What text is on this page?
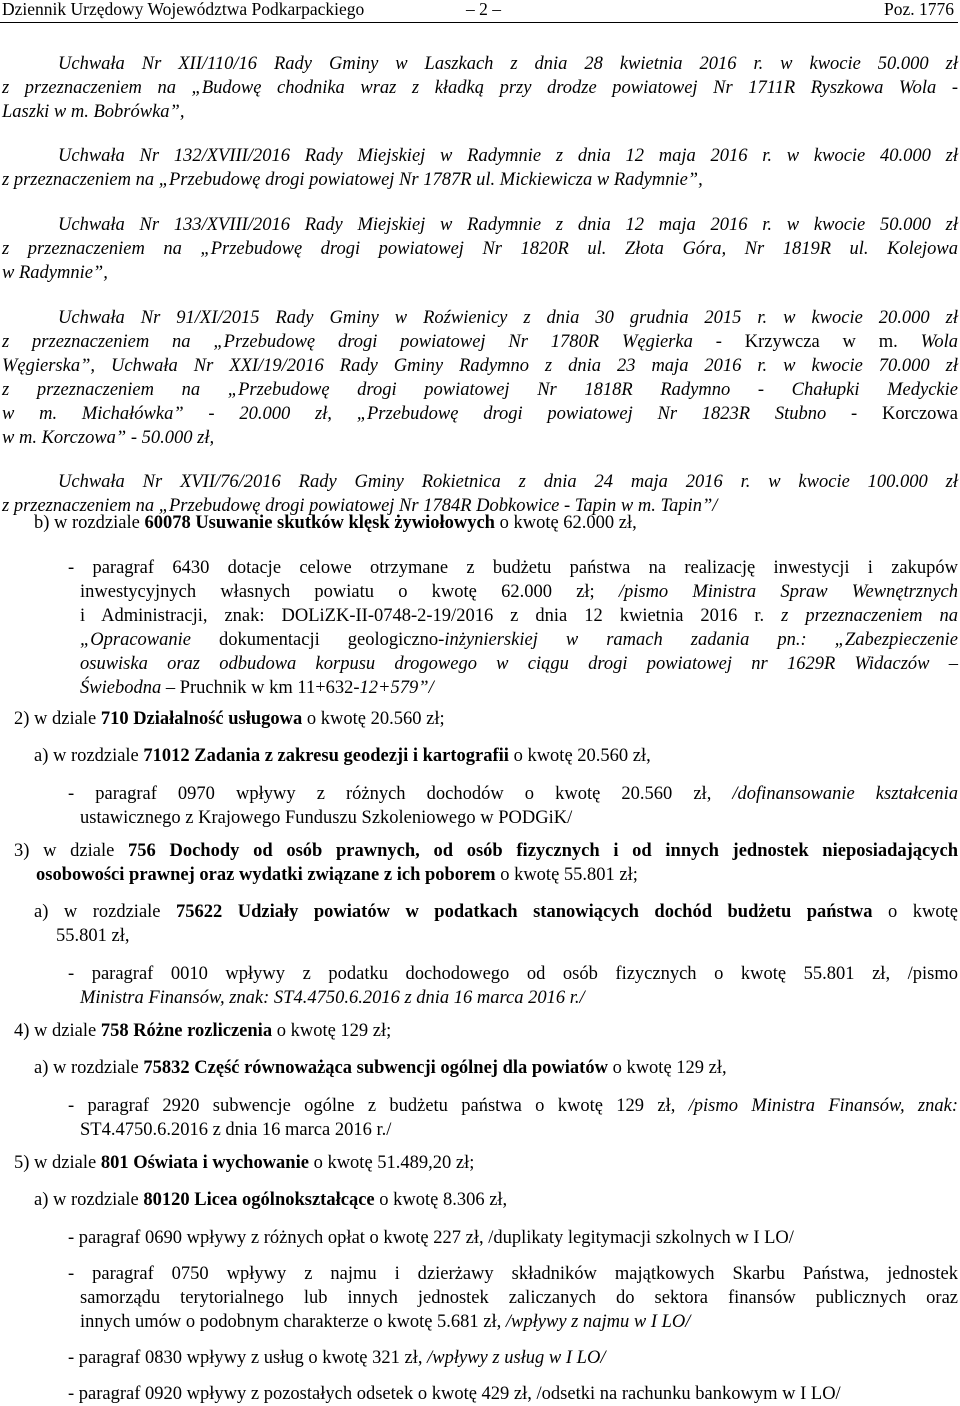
Dziennik Urzędowy Województwa Podkarpackiego	– 2 –	Poz. 1776
Uchwała Nr XII/110/16 Rady Gminy w Laszkach z dnia 28 kwietnia 2016 r. w kwocie 50.000 zł
z przeznaczeniem na „Budowę chodnika wraz z kładką przy drodze powiatowej Nr 1711R Ryszkowa Wola -
Laszki w m. Bobrówka”,
Uchwała Nr 132/XVIII/2016 Rady Miejskiej w Radymnie z dnia 12 maja 2016 r. w kwocie 40.000 zł
z przeznaczeniem na „Przebudowę drogi powiatowej Nr 1787R ul. Mickiewicza w Radymnie”,
Uchwała Nr 133/XVIII/2016 Rady Miejskiej w Radymnie z dnia 12 maja 2016 r. w kwocie 50.000 zł
z przeznaczeniem na „Przebudowę drogi powiatowej Nr 1820R ul. Złota Góra, Nr 1819R ul. Kolejowa
w Radymnie”,
Uchwała Nr 91/XI/2015 Rady Gminy w Roźwienicy z dnia 30 grudnia 2015 r. w kwocie 20.000 zł
z przeznaczeniem na „Przebudowę drogi powiatowej Nr 1780R Węgierka - Krzywcza w m. Wola
Węgierska”, Uchwała Nr XXI/19/2016 Rady Gminy Radymno z dnia 23 maja 2016 r. w kwocie 70.000 zł
z przeznaczeniem na „Przebudowę drogi powiatowej Nr 1818R Radymno - Chałupki Medyckie
w m. Michałówka” - 20.000 zł, „Przebudowę drogi powiatowej Nr 1823R Stubno - Korczowa
w m. Korczowa” - 50.000 zł,
Uchwała Nr XVII/76/2016 Rady Gminy Rokietnica z dnia 24 maja 2016 r. w kwocie 100.000 zł
z przeznaczeniem na „Przebudowę drogi powiatowej Nr 1784R Dobkowice - Tapin w m. Tapin”/
b) w rozdziale 60078 Usuwanie skutków klęsk żywiołowych o kwotę 62.000 zł,
- paragraf 6430 dotacje celowe otrzymane z budżetu państwa na realizację inwestycji i zakupów
inwestycyjnych własnych powiatu o kwotę 62.000 zł; /pismo Ministra Spraw Wewnętrznych
i Administracji, znak: DOLiZK-II-0748-2-19/2016 z dnia 12 kwietnia 2016 r. z przeznaczeniem na
„Opracowanie dokumentacji geologiczno-inżynierskiej w ramach zadania pn.: „Zabezpieczenie
osuwiska oraz odbudowa korpusu drogowego w ciągu drogi powiatowej nr 1629R Widaczów –
Świebodna – Pruchnik w km 11+632-12+579”/
2) w dziale 710 Działalność usługowa o kwotę 20.560 zł;
a) w rozdziale 71012 Zadania z zakresu geodezji i kartografii o kwotę 20.560 zł,
- paragraf 0970 wpływy z różnych dochodów o kwotę 20.560 zł, /dofinansowanie kształcenia
ustawicznego z Krajowego Funduszu Szkoleniowego w PODGiK/
3) w dziale 756 Dochody od osób prawnych, od osób fizycznych i od innych jednostek nieposiadających
osobowości prawnej oraz wydatki związane z ich poborem o kwotę 55.801 zł;
a) w rozdziale 75622 Udziały powiatów w podatkach stanowiących dochód budżetu państwa o kwotę
55.801 zł,
- paragraf 0010 wpływy z podatku dochodowego od osób fizycznych o kwotę 55.801 zł, /pismo
Ministra Finansów, znak: ST4.4750.6.2016 z dnia 16 marca 2016 r./
4) w dziale 758 Różne rozliczenia o kwotę 129 zł;
a) w rozdziale 75832 Część równoważąca subwencji ogólnej dla powiatów o kwotę 129 zł,
- paragraf 2920 subwencje ogólne z budżetu państwa o kwotę 129 zł, /pismo Ministra Finansów, znak:
ST4.4750.6.2016 z dnia 16 marca 2016 r./
5) w dziale 801 Oświata i wychowanie o kwotę 51.489,20 zł;
a) w rozdziale 80120 Licea ogólnokształcące o kwotę 8.306 zł,
- paragraf 0690 wpływy z różnych opłat o kwotę 227 zł, /duplikaty legitymacji szkolnych w I LO/
- paragraf 0750 wpływy z najmu i dzierżawy składników majątkowych Skarbu Państwa, jednostek
samorządu terytorialnego lub innych jednostek zaliczanych do sektora finansów publicznych oraz
innych umów o podobnym charakterze o kwotę 5.681 zł, /wpływy z najmu w I LO/
- paragraf 0830 wpływy z usług o kwotę 321 zł, /wpływy z usług w I LO/
- paragraf 0920 wpływy z pozostałych odsetek o kwotę 429 zł, /odsetki na rachunku bankowym w I LO/
